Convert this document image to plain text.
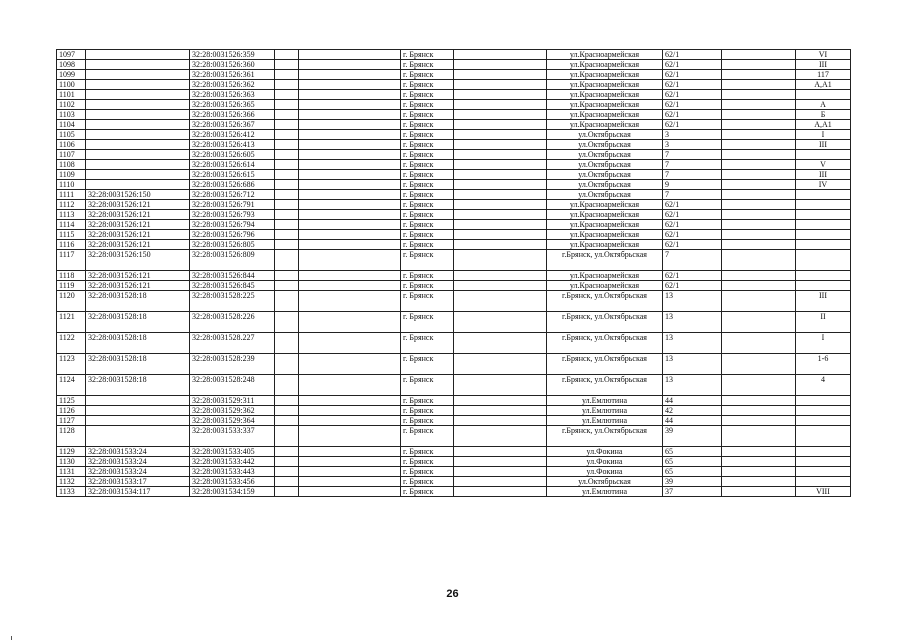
1097		32:28:0031526:359			г. Брянск		ул.Красноармейская	62/1		VI
1098		32:28:0031526:360			г. Брянск		ул.Красноармейская	62/1		III
1099		32:28:0031526:361			г. Брянск		ул.Красноармейская	62/1		117
1100		32:28:0031526:362			г. Брянск		ул.Красноармейская	62/1		А,А1
1101		32:28:0031526:363			г. Брянск		ул.Красноармейская	62/1		
1102		32:28:0031526:365			г. Брянск		ул.Красноармейская	62/1		А
1103		32:28:0031526:366			г. Брянск		ул.Красноармейская	62/1		Б
1104		32:28:0031526:367			г. Брянск		ул.Красноармейская	62/1		А,А1
1105		32:28:0031526:412			г. Брянск		ул.Октябрьская	3		I
1106		32:28:0031526:413			г. Брянск		ул.Октябрьская	3		III
1107		32:28:0031526:605			г. Брянск		ул.Октябрьская	7		
1108		32:28:0031526:614			г. Брянск		ул.Октябрьская	7		V
1109		32:28:0031526:615			г. Брянск		ул.Октябрьская	7		III
1110		32:28:0031526:686			г. Брянск		ул.Октябрьская	9		IV
1111	32:28:0031526:150	32:28:0031526:712			г. Брянск		ул.Октябрьская	7		
1112	32:28:0031526:121	32:28:0031526:791			г. Брянск		ул.Красноармейская	62/1		
1113	32:28:0031526:121	32:28:0031526:793			г. Брянск		ул.Красноармейская	62/1		
1114	32:28:0031526:121	32:28:0031526:794			г. Брянск		ул.Красноармейская	62/1		
1115	32:28:0031526:121	32:28:0031526:796			г. Брянск		ул.Красноармейская	62/1		
1116	32:28:0031526:121	32:28:0031526:805			г. Брянск		ул.Красноармейская	62/1		
1117	32:28:0031526:150	32:28:0031526:809			г. Брянск		г.Брянск, ул.Октябрьская	7		
1118	32:28:0031526:121	32:28:0031526:844			г. Брянск		ул.Красноармейская	62/1		
1119	32:28:0031526:121	32:28:0031526:845			г. Брянск		ул.Красноармейская	62/1		
1120	32:28:0031528:18	32:28:0031528:225			г. Брянск		г.Брянск, ул.Октябрьская	13		III
1121	32:28:0031528:18	32:28:0031528:226			г. Брянск		г.Брянск, ул.Октябрьская	13		II
1122	32:28:0031528:18	32:28:0031528.227			г. Брянск		г.Брянск, ул.Октябрьская	13		I
1123	32:28:0031528:18	32:28:0031528:239			г. Брянск		г.Брянск, ул.Октябрьская	13		1-6
1124	32:28:0031528:18	32:28:0031528:248			г. Брянск		г.Брянск, ул.Октябрьская	13		4
1125		32:28:0031529:311			г. Брянск		ул.Емлютина	44		
1126		32:28:0031529:362			г. Брянск		ул.Емлютина	42		
1127		32:28:0031529:364			г. Брянск		ул.Емлютина	44		
1128		32:28:0031533:337			г. Брянск		г.Брянск, ул.Октябрьская	39		
1129	32:28:0031533:24	32:28:0031533:405			г. Брянск		ул.Фокина	65		
1130	32:28:0031533:24	32:28:0031533:442			г. Брянск		ул.Фокина	65		
1131	32:28:0031533:24	32:28:0031533:443			г. Брянск		ул.Фокина	65		
1132	32:28:0031533:17	32:28:0031533:456			г. Брянск		ул.Октябрьская	39		
1133	32:28:0031534:117	32:28:0031534:159			г. Брянск		ул.Емлютина	37		VIII
26
